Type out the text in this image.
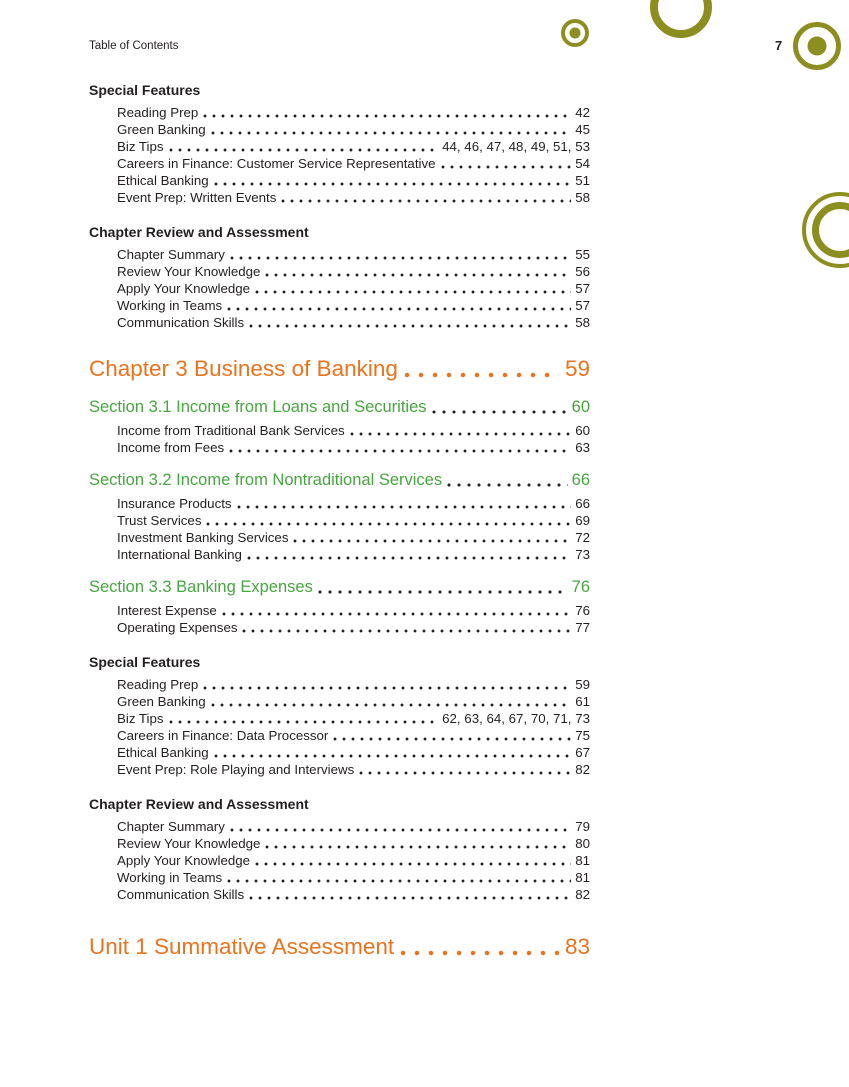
Table of Contents	7
Special Features
Reading Prep	42
Green Banking	45
Biz Tips	44, 46, 47, 48, 49, 51, 53
Careers in Finance: Customer Service Representative	54
Ethical Banking	51
Event Prep: Written Events	58
Chapter Review and Assessment
Chapter Summary	55
Review Your Knowledge	56
Apply Your Knowledge	57
Working in Teams	57
Communication Skills	58
Chapter 3 Business of Banking	59
Section 3.1 Income from Loans and Securities	60
Income from Traditional Bank Services	60
Income from Fees	63
Section 3.2 Income from Nontraditional Services	66
Insurance Products	66
Trust Services	69
Investment Banking Services	72
International Banking	73
Section 3.3 Banking Expenses	76
Interest Expense	76
Operating Expenses	77
Special Features
Reading Prep	59
Green Banking	61
Biz Tips	62, 63, 64, 67, 70, 71, 73
Careers in Finance: Data Processor	75
Ethical Banking	67
Event Prep: Role Playing and Interviews	82
Chapter Review and Assessment
Chapter Summary	79
Review Your Knowledge	80
Apply Your Knowledge	81
Working in Teams	81
Communication Skills	82
Unit 1 Summative Assessment	83
